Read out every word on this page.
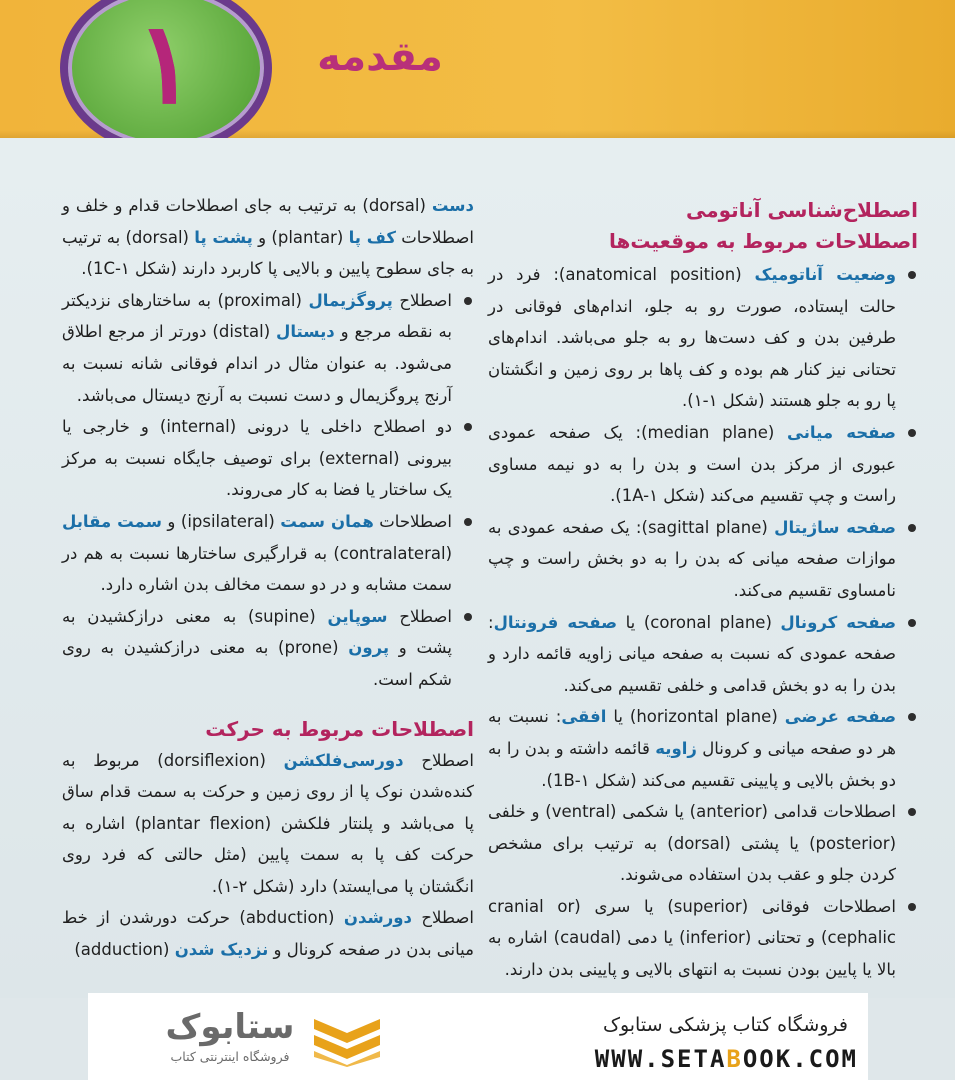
۱	مقدمه
اصطلاح‌شناسی آناتومی
اصطلاحات مربوط به موقعیت‌ها
وضعیت آناتومیک (anatomical position): فرد در حالت ایستاده، صورت رو به جلو، اندام‌های فوقانی در طرفین بدن و کف دست‌ها رو به جلو می‌باشد. اندام‌های تحتانی نیز کنار هم بوده و کف پاها بر روی زمین و انگشتان پا رو به جلو هستند (شکل ۱-۱).
صفحه میانی (median plane): یک صفحه عمودی عبوری از مرکز بدن است و بدن را به دو نیمه مساوی راست و چپ تقسیم می‌کند (شکل 1A-۱).
صفحه ساژیتال (sagittal plane): یک صفحه عمودی به موازات صفحه میانی که بدن را به دو بخش راست و چپ نامساوی تقسیم می‌کند.
صفحه کرونال (coronal plane) یا صفحه فرونتال: صفحه عمودی که نسبت به صفحه میانی زاویه قائمه دارد و بدن را به دو بخش قدامی و خلفی تقسیم می‌کند.
صفحه عرضی (horizontal plane) یا افقی: نسبت به هر دو صفحه میانی و کرونال زاویه قائمه داشته و بدن را به دو بخش بالایی و پایینی تقسیم می‌کند (شکل 1B-۱).
اصطلاحات قدامی (anterior) یا شکمی (ventral) و خلفی (posterior) یا پشتی (dorsal) به ترتیب برای مشخص کردن جلو و عقب بدن استفاده می‌شوند.
اصطلاحات فوقانی (superior) یا سری (cranial or cephalic) و تحتانی (inferior) یا دمی (caudal) اشاره به بالا یا پایین بودن نسبت به انتهای بالایی و پایینی بدن دارند.
دست (dorsal) به ترتیب به جای اصطلاحات قدام و خلف و اصطلاحات کف پا (plantar) و پشت پا (dorsal) به ترتیب به جای سطوح پایین و بالایی پا کاربرد دارند (شکل 1C-۱).
اصطلاح پروگزیمال (proximal) به ساختارهای نزدیکتر به نقطه مرجع و دیستال (distal) دورتر از مرجع اطلاق می‌شود. به عنوان مثال در اندام فوقانی شانه نسبت به آرنج پروگزیمال و دست نسبت به آرنج دیستال می‌باشد.
دو اصطلاح داخلی یا درونی (internal) و خارجی یا بیرونی (external) برای توصیف جایگاه نسبت به مرکز یک ساختار یا فضا به کار می‌روند.
اصطلاحات همان سمت (ipsilateral) و سمت مقابل (contralateral) به قرارگیری ساختارها نسبت به هم در سمت مشابه و در دو سمت مخالف بدن اشاره دارد.
اصطلاح سوپاین (supine) به معنی درازکشیدن به پشت و پرون (prone) به معنی درازکشیدن به روی شکم است.
اصطلاحات مربوط به حرکت
اصطلاح دورسی‌فلکشن (dorsiflexion) مربوط به کنده‌شدن نوک پا از روی زمین و حرکت به سمت قدام ساق پا می‌باشد و پلنتار فلکشن (plantar flexion) اشاره به حرکت کف پا به سمت پایین (مثل حالتی که فرد روی انگشتان پا می‌ایستد) دارد (شکل ۲-۱).
اصطلاح دورشدن (abduction) حرکت دورشدن از خط میانی بدن در صفحه کرونال و نزدیک شدن (adduction)
ستابوک
فروشگاه اینترنتی کتاب
فروشگاه کتاب پزشکی ستابوک
WWW.SETABOOK.COM
